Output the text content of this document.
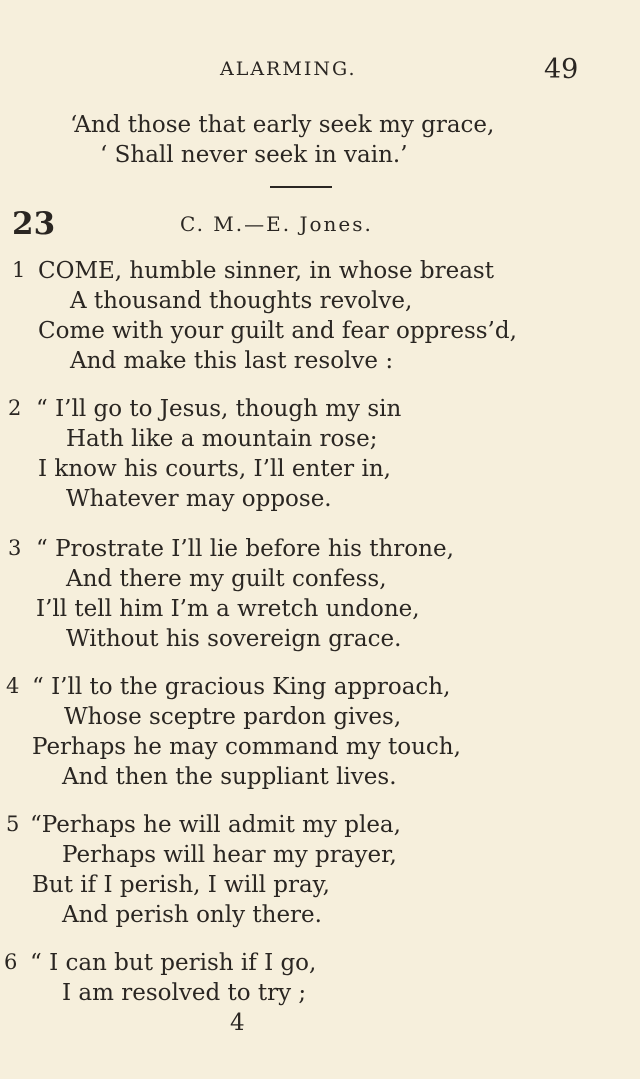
ALARMING.	49
‘And those that early seek my grace,
‘ Shall never seek in vain.’
23	C. M.—E. Jones.
1 COME, humble sinner, in whose breast
A thousand thoughts revolve,
Come with your guilt and fear oppress’d,
And make this last resolve :
2 “ I’ll go to Jesus, though my sin
Hath like a mountain rose;
I know his courts, I’ll enter in,
Whatever may oppose.
3 “ Prostrate I’ll lie before his throne,
And there my guilt confess,
I’ll tell him I’m a wretch undone,
Without his sovereign grace.
4 “ I’ll to the gracious King approach,
Whose sceptre pardon gives,
Perhaps he may command my touch,
And then the suppliant lives.
5 “Perhaps he will admit my plea,
Perhaps will hear my prayer,
But if I perish, I will pray,
And perish only there.
6 “ I can but perish if I go,
I am resolved to try ;
4
